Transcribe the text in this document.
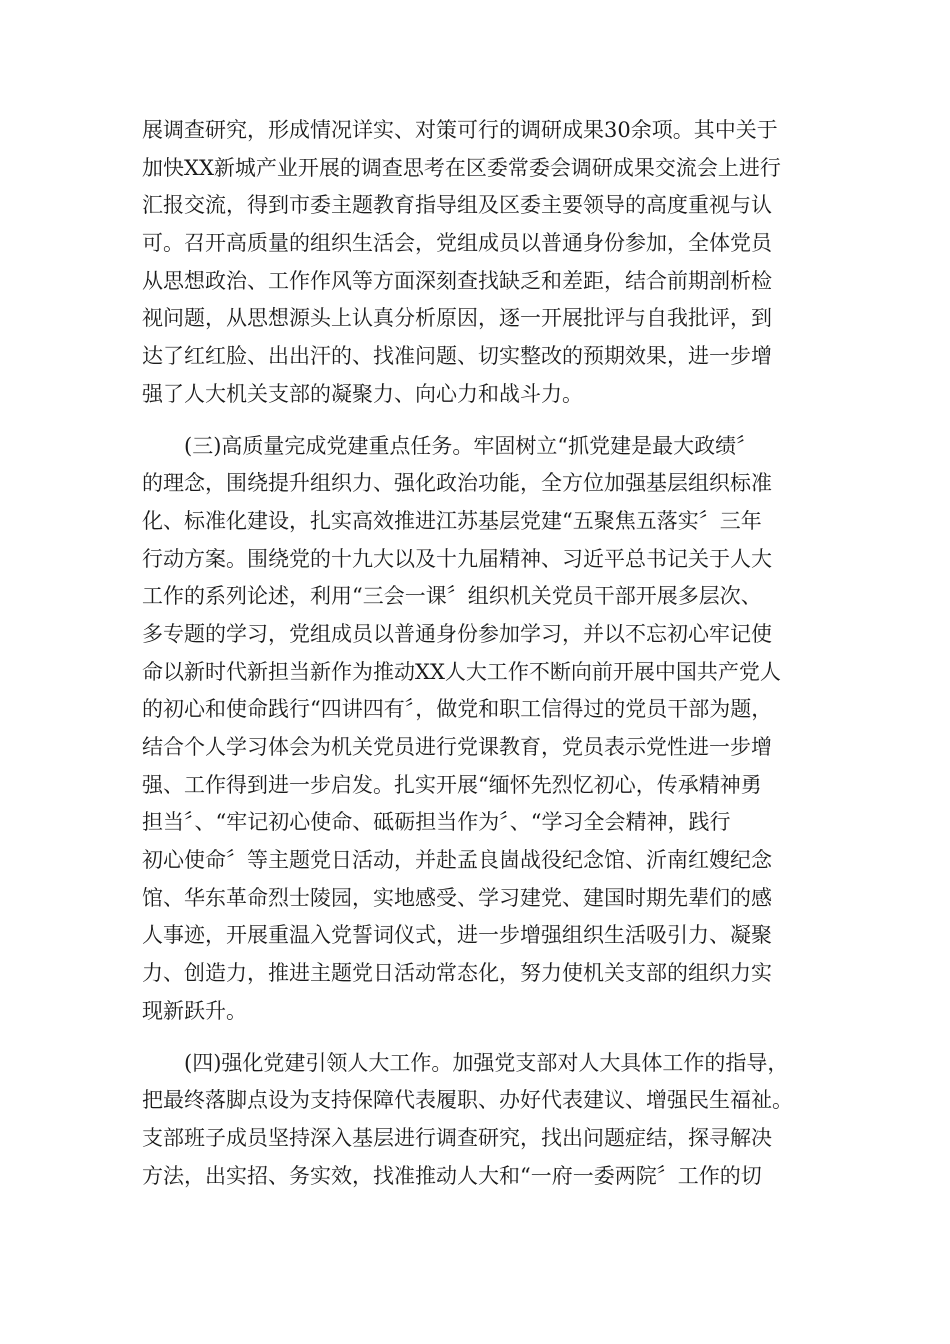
展调查研究，形成情况详实、对策可行的调研成果30余项。其中关于
加快XX新城产业开展的调查思考在区委常委会调研成果交流会上进行
汇报交流，得到市委主题教育指导组及区委主要领导的高度重视与认
可。召开高质量的组织生活会，党组成员以普通身份参加，全体党员
从思想政治、工作作风等方面深刻查找缺乏和差距，结合前期剖析检
视问题，从思想源头上认真分析原因，逐一开展批评与自我批评，到
达了红红脸、出出汗的、找准问题、切实整改的预期效果，进一步增
强了人大机关支部的凝聚力、向心力和战斗力。
(三)高质量完成党建重点任务。牢固树立“抓党建是最大政绩〞
的理念，围绕提升组织力、强化政治功能，全方位加强基层组织标准
化、标准化建设，扎实高效推进江苏基层党建“五聚焦五落实〞三年
行动方案。围绕党的十九大以及十九届精神、习近平总书记关于人大
工作的系列论述，利用“三会一课〞组织机关党员干部开展多层次、
多专题的学习，党组成员以普通身份参加学习，并以不忘初心牢记使
命以新时代新担当新作为推动XX人大工作不断向前开展中国共产党人
的初心和使命践行“四讲四有〞，做党和职工信得过的党员干部为题，
结合个人学习体会为机关党员进行党课教育，党员表示党性进一步增
强、工作得到进一步启发。扎实开展“缅怀先烈忆初心，传承精神勇
担当〞、“牢记初心使命、砥砺担当作为〞、“学习全会精神，践行
初心使命〞等主题党日活动，并赴孟良崮战役纪念馆、沂南红嫂纪念
馆、华东革命烈士陵园，实地感受、学习建党、建国时期先辈们的感
人事迹，开展重温入党誓词仪式，进一步增强组织生活吸引力、凝聚
力、创造力，推进主题党日活动常态化，努力使机关支部的组织力实
现新跃升。
(四)强化党建引领人大工作。加强党支部对人大具体工作的指导，
把最终落脚点设为支持保障代表履职、办好代表建议、增强民生福祉。
支部班子成员坚持深入基层进行调查研究，找出问题症结，探寻解决
方法，出实招、务实效，找准推动人大和“一府一委两院〞工作的切
